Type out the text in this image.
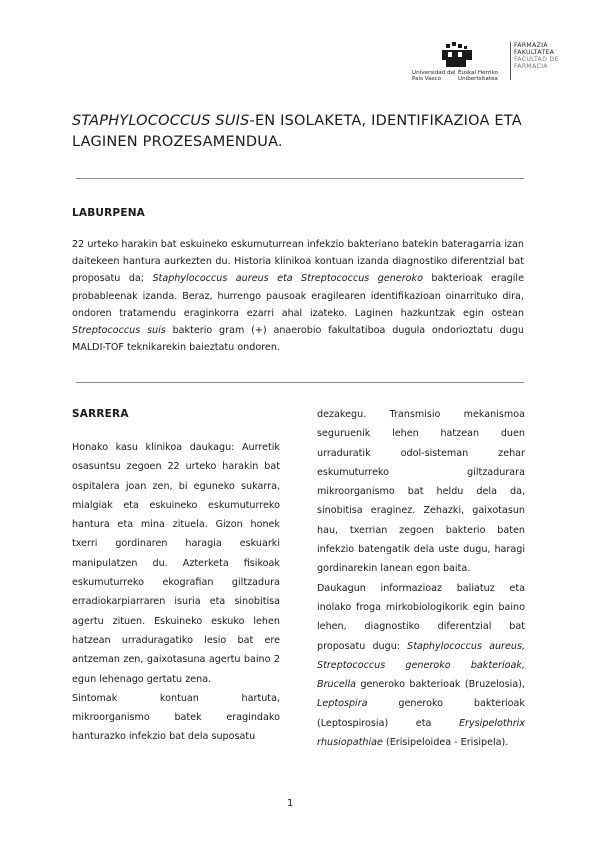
Universidad del País Vasco
Euskal Herriko Unibertsitatea
FARMAZIA FAKULTATEA
FACULTAD DE FARMACIA
STAPHYLOCOCCUS SUIS-EN ISOLAKETA, IDENTIFIKAZIOA ETA LAGINEN PROZESAMENDUA.
LABURPENA
22 urteko harakin bat eskuineko eskumuturrean infekzio bakteriano batekin bateragarria izan daitekeen hantura aurkezten du. Historia klinikoa kontuan izanda diagnostiko diferentzial bat proposatu da; Staphylococcus aureus eta Streptococcus generoko bakterioak eragile probableenak izanda. Beraz, hurrengo pausoak eragilearen identifikazioan oinarrituko dira, ondoren tratamendu eraginkorra ezarri ahal izateko. Laginen hazkuntzak egin ostean Streptococcus suis bakterio gram (+) anaerobio fakultatiboa dugula ondorioztatu dugu MALDI-TOF teknikarekin baieztatu ondoren.
SARRERA

Honako kasu klinikoa daukagu: Aurretik osasuntsu zegoen 22 urteko harakin bat ospitalera joan zen, bi eguneko sukarra, mialgiak eta eskuineko eskumuturreko hantura eta mina zituela. Gizon honek txerri gordinaren haragia eskuarki manipulatzen du. Azterketa fisikoak eskumuturreko ekografian giltzadura erradiokarpiarraren isuria eta sinobitisa agertu zituen. Eskuineko eskuko lehen hatzean urraduragatiko lesio bat ere antzeman zen, gaixotasuna agertu baino 2 egun lehenago gertatu zena.

Sintomak kontuan hartuta, mikroorganismo batek eragindako hanturazko infekzio bat dela suposatu

dezakegu. Transmisio mekanismoa seguruenik lehen hatzean duen urraduratik odol-sisteman zehar eskumuturreko giltzadurara mikroorganismo bat heldu dela da, sinobitisa eraginez. Zehazki, gaixotasun hau, txerrian zegoen bakterio baten infekzio batengatik dela uste dugu, haragi gordinarekin lanean egon baita.

Daukagun informazioaz baliatuz eta inolako froga mirkobiologikorik egin baino lehen, diagnostiko diferentzial bat proposatu dugu: Staphylococcus aureus, Streptococcus generoko bakterioak, Brucella generoko bakterioak (Bruzelosia), Leptospira generoko bakterioak (Leptospirosia) eta Erysipelothrix rhusiopathiae (Erisipeloidea - Erisipela).

1
